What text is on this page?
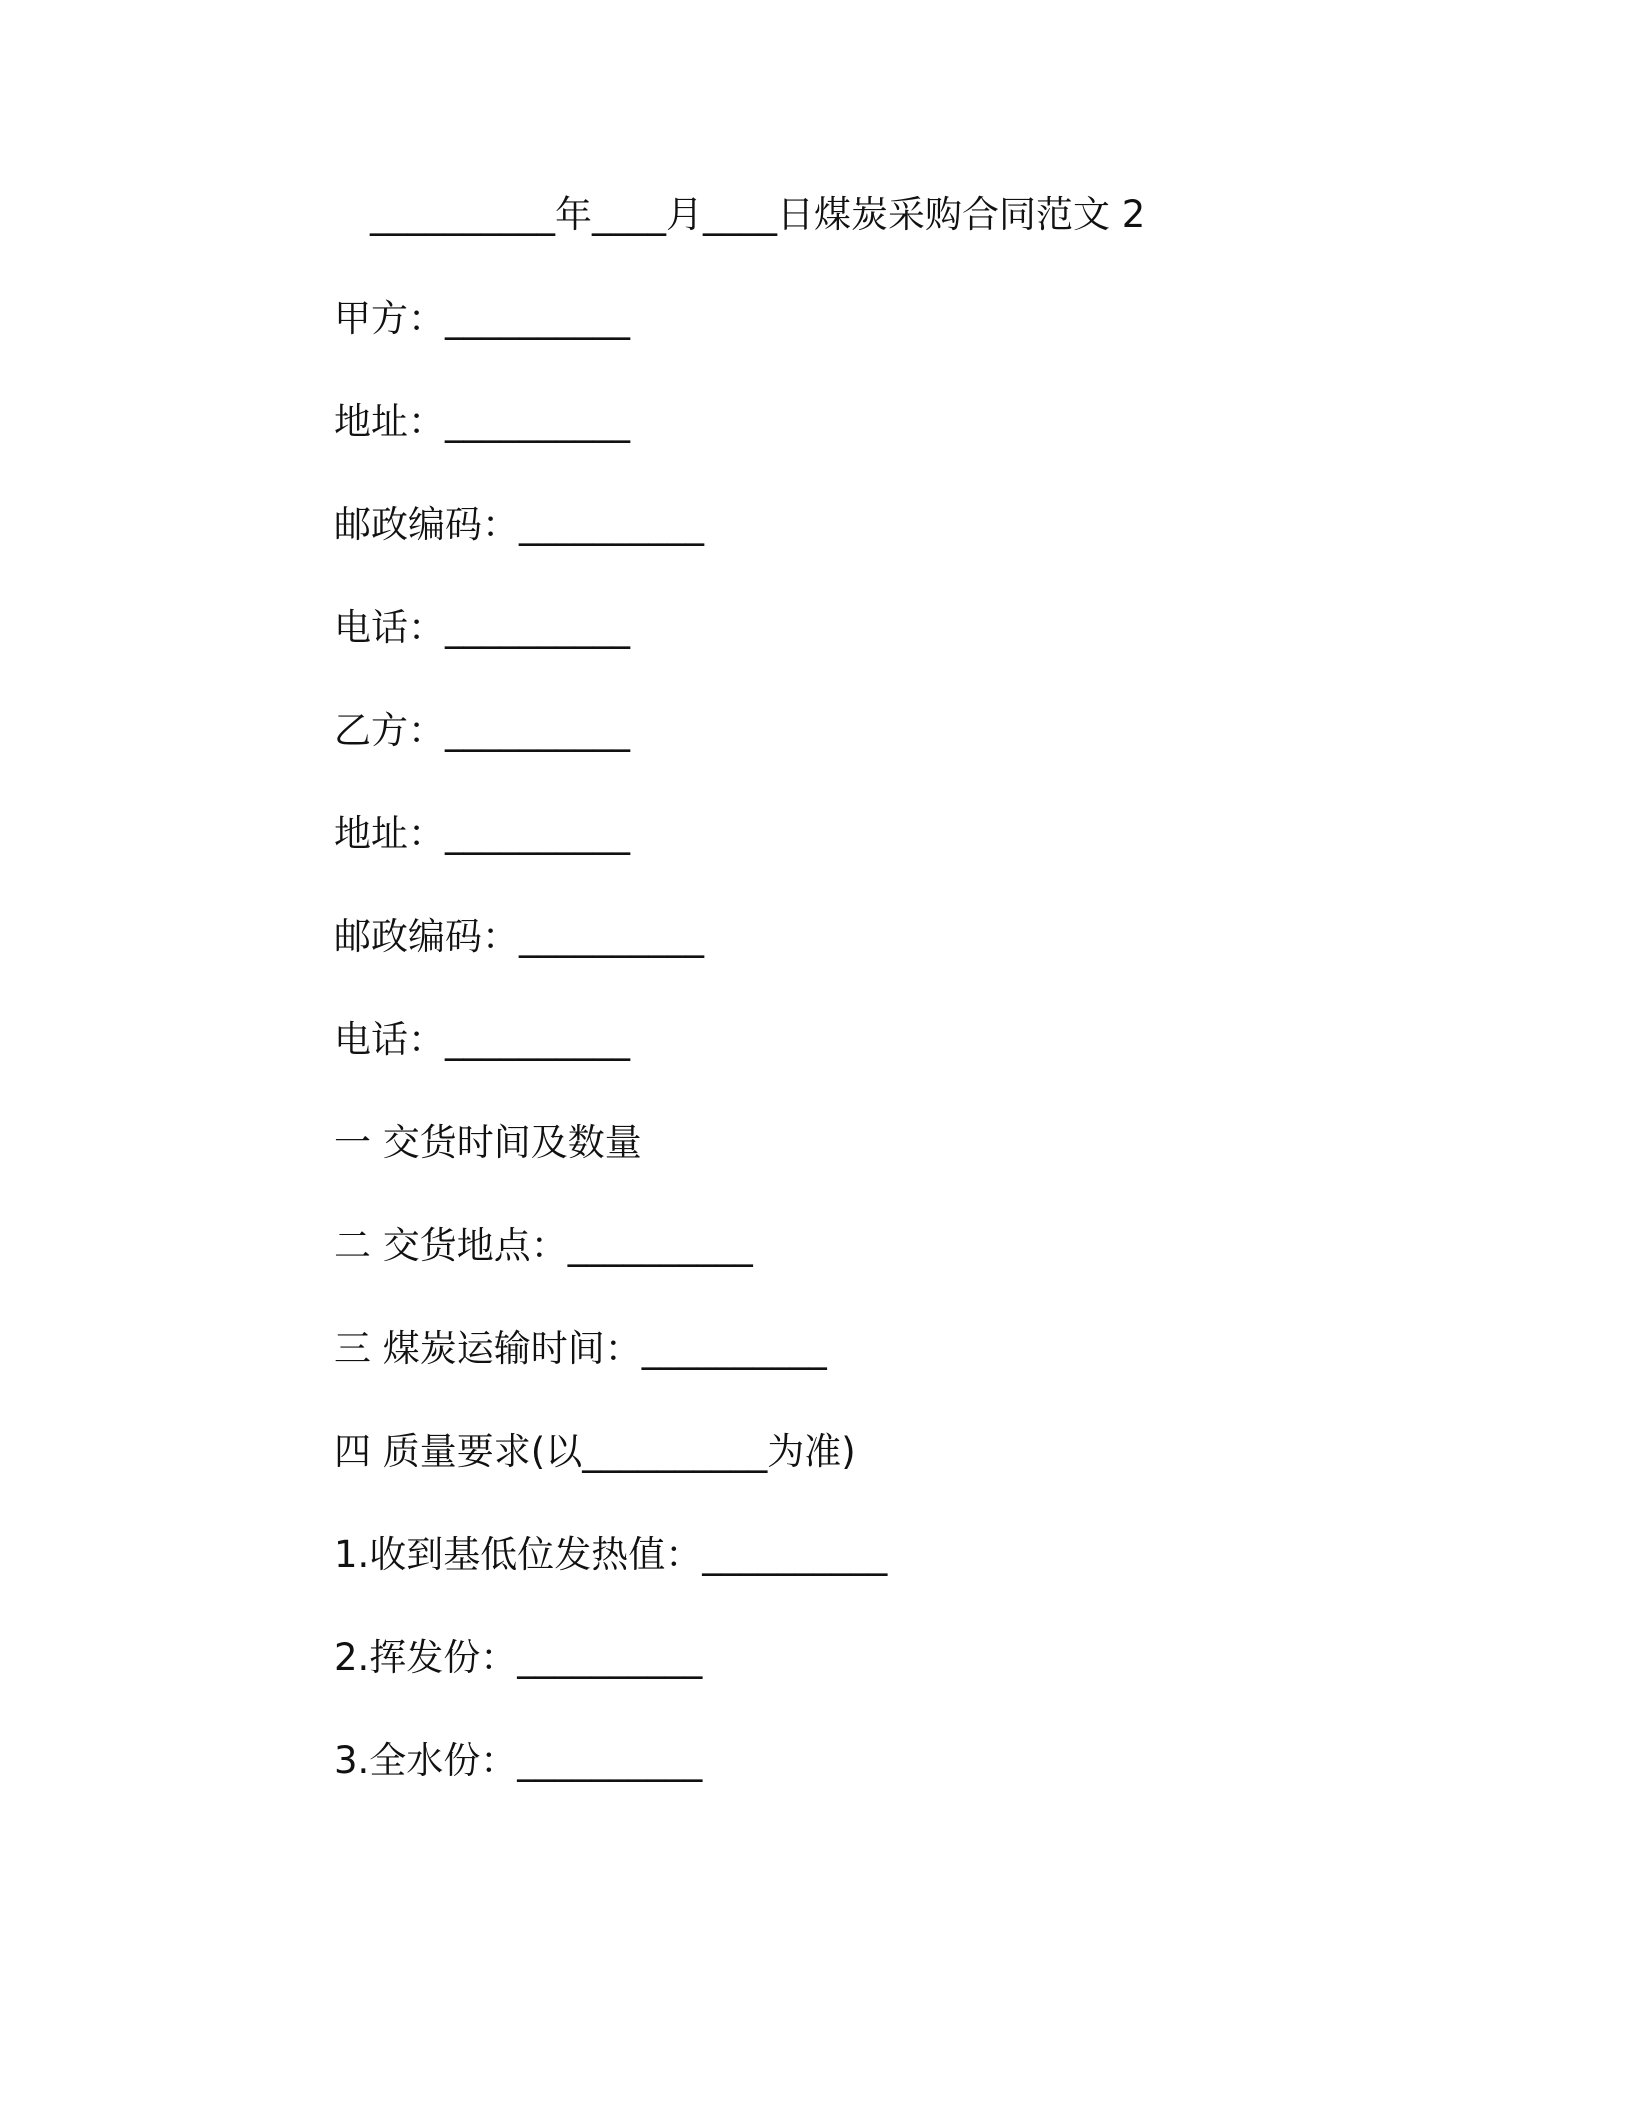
__________年____月____日煤炭采购合同范文 2
甲方：__________
地址：__________
邮政编码：__________
电话：__________
乙方：__________
地址：__________
邮政编码：__________
电话：__________
一 交货时间及数量
二 交货地点：__________
三 煤炭运输时间：__________
四 质量要求(以__________为准)
1.收到基低位发热值：__________
2.挥发份：__________
3.全水份：__________
